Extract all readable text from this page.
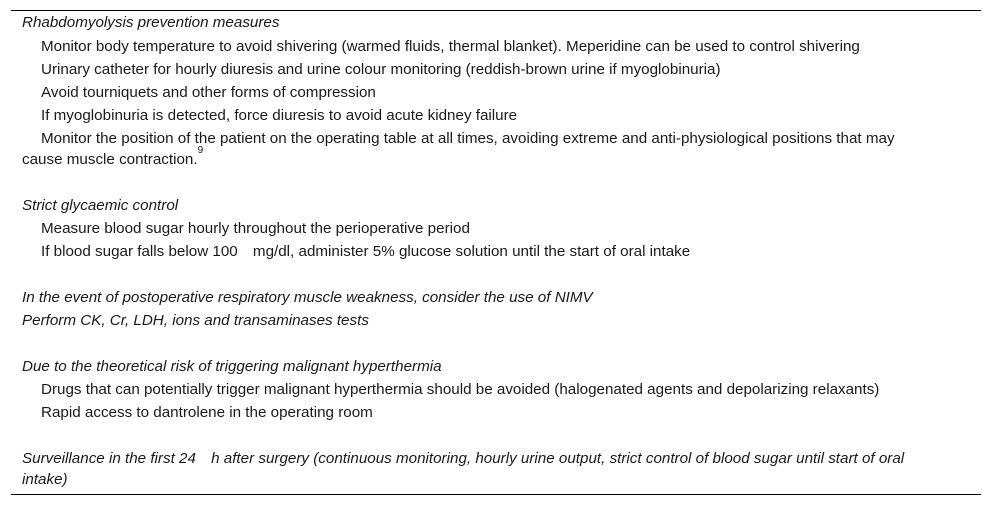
Rhabdomyolysis prevention measures
Monitor body temperature to avoid shivering (warmed fluids, thermal blanket). Meperidine can be used to control shivering
Urinary catheter for hourly diuresis and urine colour monitoring (reddish-brown urine if myoglobinuria)
Avoid tourniquets and other forms of compression
If myoglobinuria is detected, force diuresis to avoid acute kidney failure
Monitor the position of the patient on the operating table at all times, avoiding extreme and anti-physiological positions that may
cause muscle contraction.$^9$
Strict glycaemic control
Measure blood sugar hourly throughout the perioperative period
If blood sugar falls below 100     mg/dl, administer 5% glucose solution until the start of oral intake
In the event of postoperative respiratory muscle weakness, consider the use of NIMV
Perform CK, Cr, LDH, ions and transaminases tests
Due to the theoretical risk of triggering malignant hyperthermia
Drugs that can potentially trigger malignant hyperthermia should be avoided (halogenated agents and depolarizing relaxants)
Rapid access to dantrolene in the operating room
Surveillance in the first 24     h after surgery (continuous monitoring, hourly urine output, strict control of blood sugar until start of oral
intake)
